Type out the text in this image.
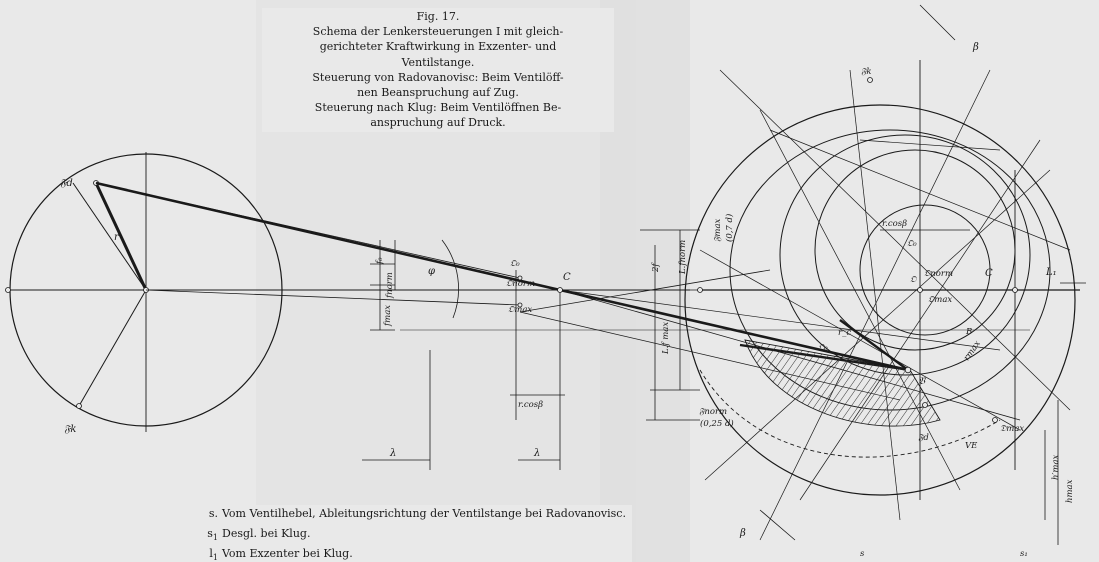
𝔉d
𝔉k
r
f₀
fnorm
fmax
φ
𝔒₀
𝔒norm
𝔒max
C
r.cosβ
λ	λ
2f L.fnorm
L.f max
𝔉max (0,7 d)
𝔉norm
(0,25 d)
r.cosβ
𝔒₀
𝔒
𝔒norm	C
𝔒max
L₁
𝔉k
β
β
B
rmax
r_c
𝔒₀
𝔙
𝔇max
𝔉d
VE
hmax
h′max
s	s₁
Fig. 17.
Schema der Lenkersteuerungen I mit gleich-
gerichteter Kraftwirkung in Exzenter- und
Ventilstange.
Steuerung von Radovanovisc: Beim Ventilöff-
nen Beanspruchung auf Zug.
Steuerung nach Klug: Beim Ventilöffnen Be-
anspruchung auf Druck.
s. Vom Ventilhebel, Ableitungsrichtung der Ventilstange bei Radovanovisc.
$s_1$ Desgl. bei Klug.
$l_1$ Vom Exzenter bei Klug.
